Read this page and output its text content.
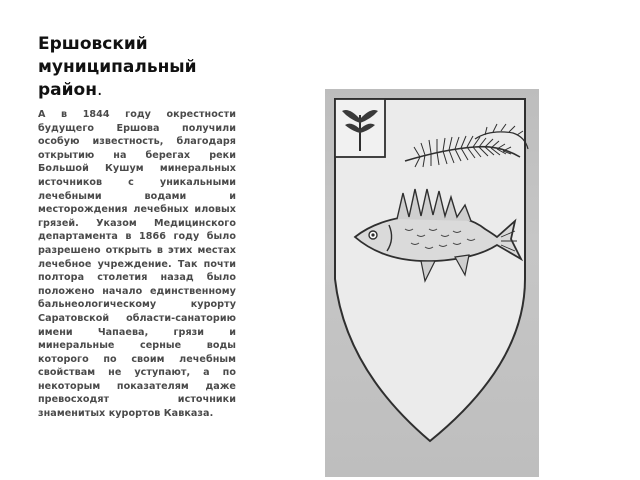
Ершовский муниципальный район.
А в 1844 году окрестности будущего Ершова получили особую известность, благодаря открытию на берегах реки Большой Кушум минеральных источников с уникальными лечебными водами и месторождения лечебных иловых грязей. Указом Медицинского департамента в 1866 году было разрешено открыть в этих местах лечебное учреждение. Так почти полтора столетия назад было положено начало единственному бальнеологическому курорту Саратовской области-санаторию имени Чапаева, грязи и минеральные серные воды которого по своим лечебным свойствам не уступают, а по некоторым показателям даже превосходят источники знаменитых курортов Кавказа.
